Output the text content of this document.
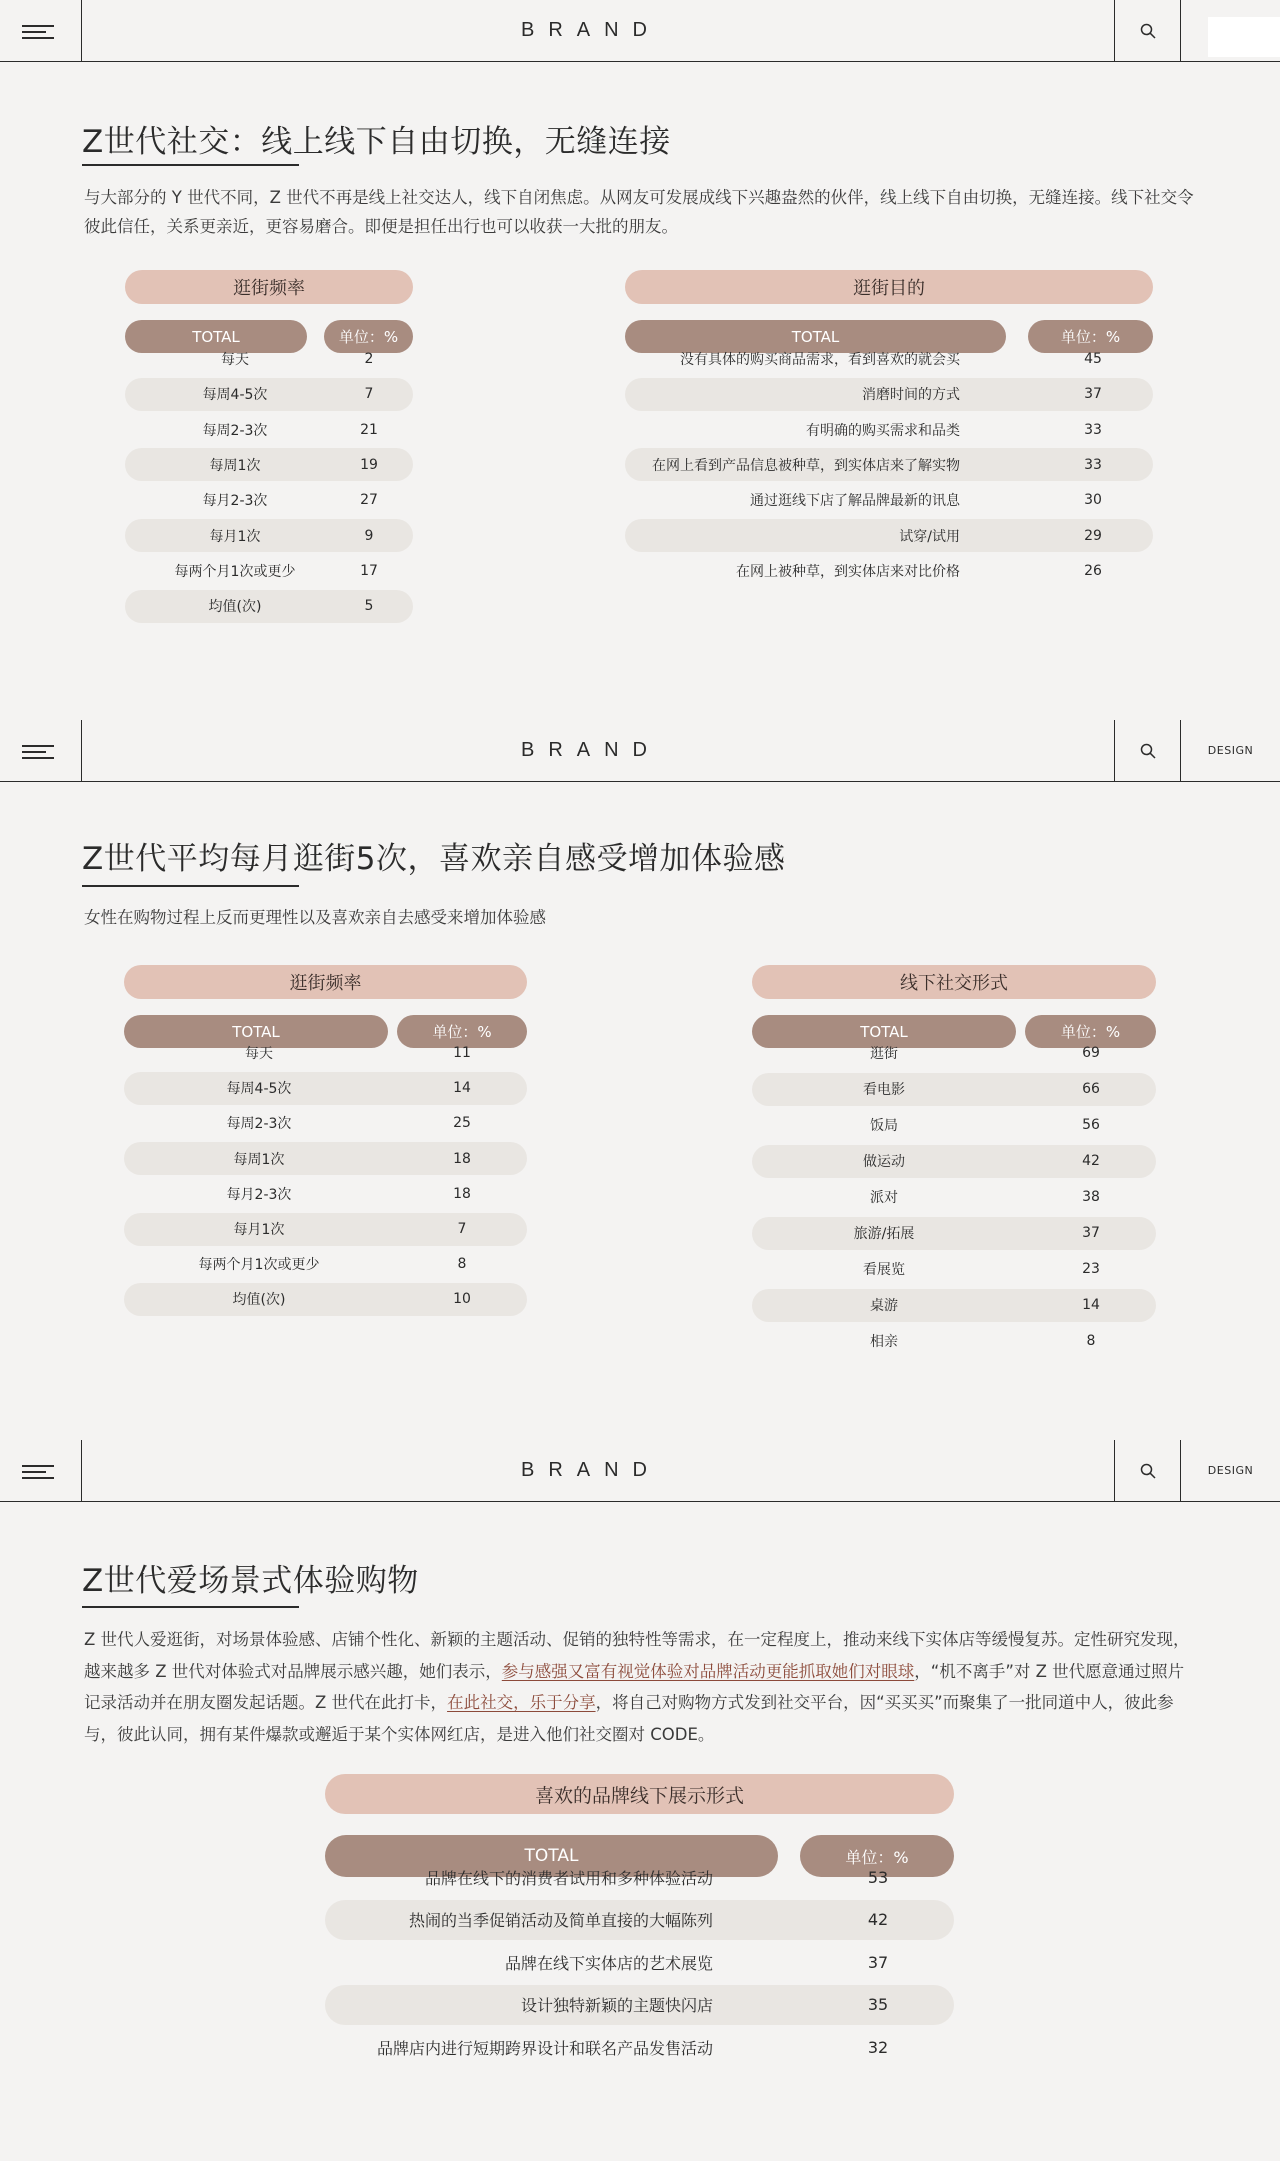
BRAND
Z世代社交：线上线下自由切换，无缝连接
与大部分的 Y 世代不同，Z 世代不再是线上社交达人，线下自闭焦虑。从网友可发展成线下兴趣盎然的伙伴，线上线下自由切换，无缝连接。线下社交令彼此信任，关系更亲近，更容易磨合。即便是担任出行也可以收获一大批的朋友。
逛街频率
TOTAL	单位：%
每天	2
每周4-5次	7
每周2-3次	21
每周1次	19
每月2-3次	27
每月1次	9
每两个月1次或更少	17
均值(次)	5
逛街目的
TOTAL	单位：%
没有具体的购买商品需求，看到喜欢的就会买	45
消磨时间的方式	37
有明确的购买需求和品类	33
在网上看到产品信息被种草，到实体店来了解实物	33
通过逛线下店了解品牌最新的讯息	30
试穿/试用	29
在网上被种草，到实体店来对比价格	26
BRAND	DESIGN
Z世代平均每月逛街5次，喜欢亲自感受增加体验感
女性在购物过程上反而更理性以及喜欢亲自去感受来增加体验感
逛街频率
TOTAL	单位：%
每天	11
每周4-5次	14
每周2-3次	25
每周1次	18
每月2-3次	18
每月1次	7
每两个月1次或更少	8
均值(次)	10
线下社交形式
TOTAL	单位：%
逛街	69
看电影	66
饭局	56
做运动	42
派对	38
旅游/拓展	37
看展览	23
桌游	14
相亲	8
BRAND	DESIGN
Z世代爱场景式体验购物
Z 世代人爱逛街，对场景体验感、店铺个性化、新颖的主题活动、促销的独特性等需求，在一定程度上，推动来线下实体店等缓慢复苏。定性研究发现，越来越多 Z 世代对体验式对品牌展示感兴趣，她们表示，参与感强又富有视觉体验对品牌活动更能抓取她们对眼球，“机不离手”对 Z 世代愿意通过照片记录活动并在朋友圈发起话题。Z 世代在此打卡，在此社交，乐于分享，将自己对购物方式发到社交平台，因“买买买”而聚集了一批同道中人，彼此参与，彼此认同，拥有某件爆款或邂逅于某个实体网红店，是进入他们社交圈对 CODE。
喜欢的品牌线下展示形式
TOTAL	单位：%
品牌在线下的消费者试用和多种体验活动	53
热闹的当季促销活动及简单直接的大幅陈列	42
品牌在线下实体店的艺术展览	37
设计独特新颖的主题快闪店	35
品牌店内进行短期跨界设计和联名产品发售活动	32
